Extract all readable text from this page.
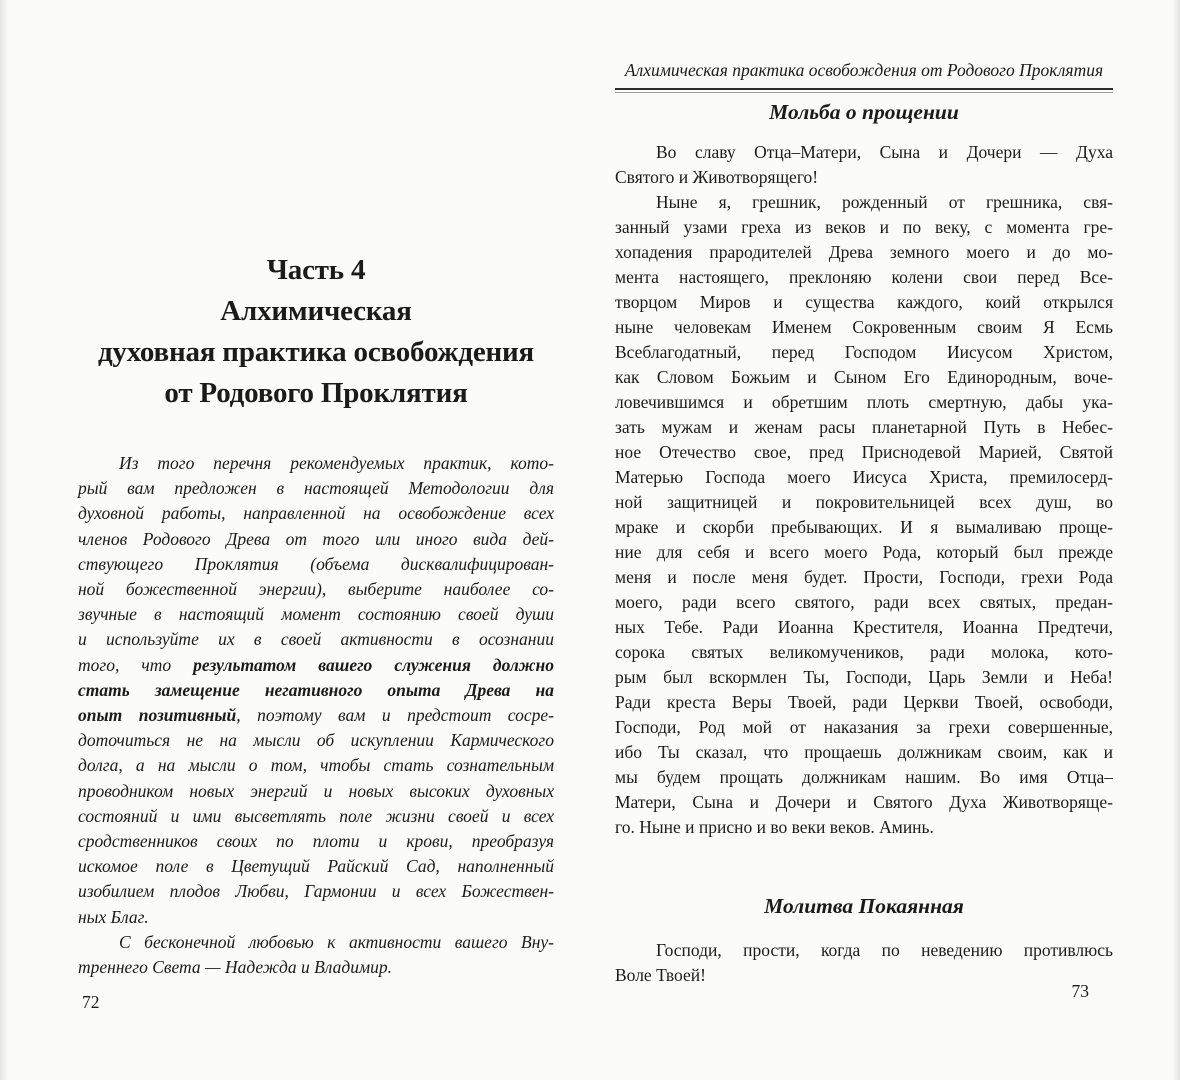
Часть 4
Алхимическая
духовная практика освобождения
от Родового Проклятия
Из того перечня рекомендуемых практик, кото-
рый вам предложен в настоящей Методологии для
духовной работы, направленной на освобождение всех
членов Родового Древа от того или иного вида дей-
ствующего Проклятия (объема дисквалифицирован-
ной божественной энергии), выберите наиболее со-
звучные в настоящий момент состоянию своей души
и используйте их в своей активности в осознании
того, что результатом вашего служения должно
стать замещение негативного опыта Древа на
опыт позитивный, поэтому вам и предстоит сосре-
доточиться не на мысли об искуплении Кармического
долга, а на мысли о том, чтобы стать сознательным
проводником новых энергий и новых высоких духовных
состояний и ими высветлять поле жизни своей и всех
сродственников своих по плоти и крови, преобразуя
искомое поле в Цветущий Райский Сад, наполненный
изобилием плодов Любви, Гармонии и всех Божествен-
ных Благ.
С бесконечной любовью к активности вашего Вну-
треннего Света — Надежда и Владимир.
72
Алхимическая практика освобождения от Родового Проклятия
Мольба о прощении
Во славу Отца–Матери, Сына и Дочери — Духа
Святого и Животворящего!
Ныне я, грешник, рожденный от грешника, свя-
занный узами греха из веков и по веку, с момента гре-
хопадения прародителей Древа земного моего и до мо-
мента настоящего, преклоняю колени свои перед Все-
творцом Миров и существа каждого, коий открылся
ныне человекам Именем Сокровенным своим Я Есмь
Всеблагодатный, перед Господом Иисусом Христом,
как Словом Божьим и Сыном Его Единородным, воче-
ловечившимся и обретшим плоть смертную, дабы ука-
зать мужам и женам расы планетарной Путь в Небес-
ное Отечество свое, пред Приснодевой Марией, Святой
Матерью Господа моего Иисуса Христа, премилосерд-
ной защитницей и покровительницей всех душ, во
мраке и скорби пребывающих. И я вымаливаю проще-
ние для себя и всего моего Рода, который был прежде
меня и после меня будет. Прости, Господи, грехи Рода
моего, ради всего святого, ради всех святых, предан-
ных Тебе. Ради Иоанна Крестителя, Иоанна Предтечи,
сорока святых великомучеников, ради молока, кото-
рым был вскормлен Ты, Господи, Царь Земли и Неба!
Ради креста Веры Твоей, ради Церкви Твоей, освободи,
Господи, Род мой от наказания за грехи совершенные,
ибо Ты сказал, что прощаешь должникам своим, как и
мы будем прощать должникам нашим. Во имя Отца–
Матери, Сына и Дочери и Святого Духа Животворяще-
го. Ныне и присно и во веки веков. Аминь.
Молитва Покаянная
Господи, прости, когда по неведению противлюсь
Воле Твоей!
73
